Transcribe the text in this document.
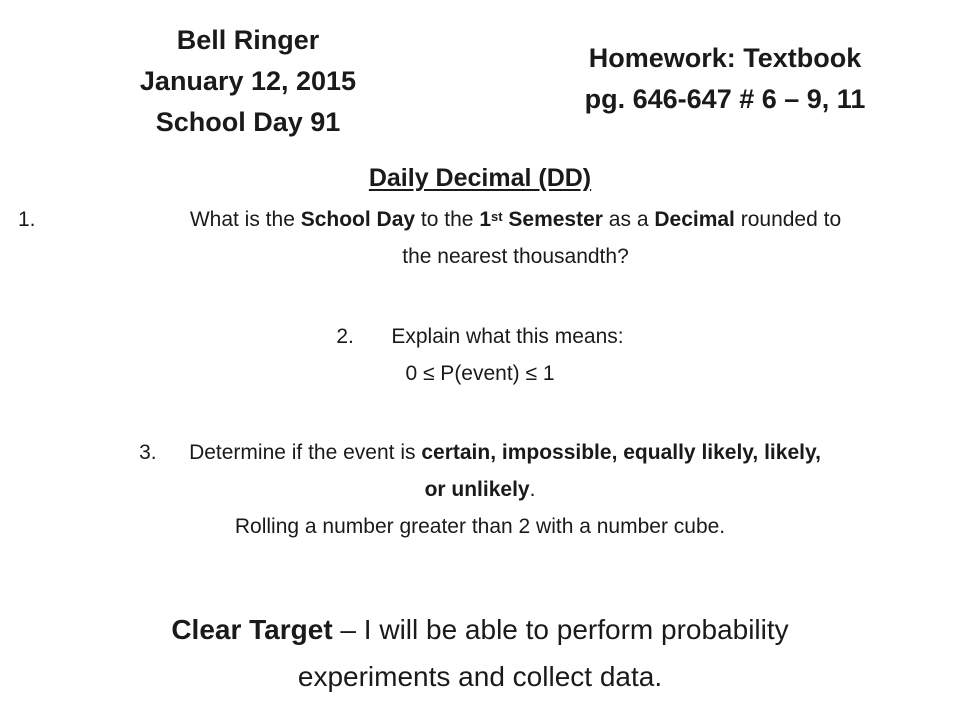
Bell Ringer
January 12, 2015
School Day 91
Homework: Textbook
pg. 646-647 # 6 – 9, 11
Daily Decimal (DD)
1.	What is the School Day to the 1st Semester as a Decimal rounded to
the nearest thousandth?
2. Explain what this means:
0 ≤ P(event) ≤ 1
3. Determine if the event is certain, impossible, equally likely, likely,
or unlikely.
Rolling a number greater than 2 with a number cube.
Clear Target – I will be able to perform probability
experiments and collect data.
